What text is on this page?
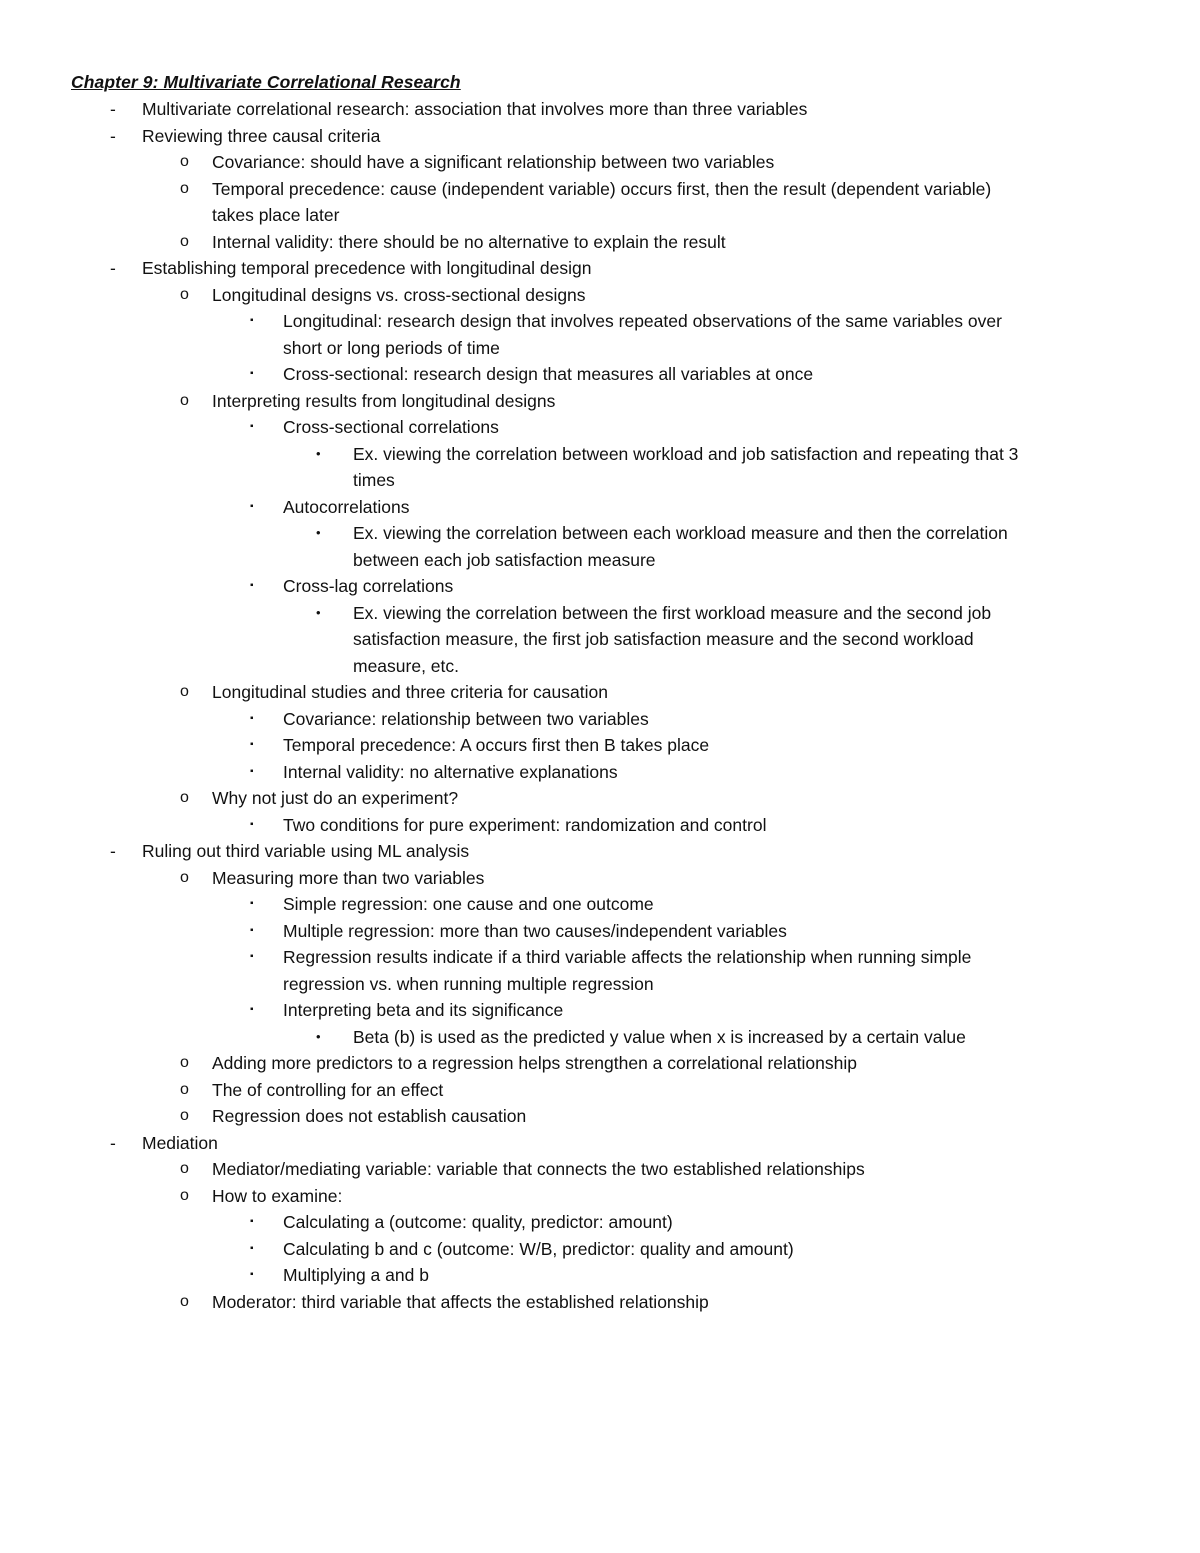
Chapter 9: Multivariate Correlational Research
-	Multivariate correlational research: association that involves more than three variables
-	Reviewing three causal criteria
o	Covariance: should have a significant relationship between two variables
o	Temporal precedence: cause (independent variable) occurs first, then the result (dependent variable)
takes place later
o	Internal validity: there should be no alternative to explain the result
-	Establishing temporal precedence with longitudinal design
o	Longitudinal designs vs. cross-sectional designs
▪	Longitudinal: research design that involves repeated observations of the same variables over
short or long periods of time
▪	Cross-sectional: research design that measures all variables at once
o	Interpreting results from longitudinal designs
▪	Cross-sectional correlations
•	Ex. viewing the correlation between workload and job satisfaction and repeating that 3
times
▪	Autocorrelations
•	Ex. viewing the correlation between each workload measure and then the correlation
between each job satisfaction measure
▪	Cross-lag correlations
•	Ex. viewing the correlation between the first workload measure and the second job
satisfaction measure, the first job satisfaction measure and the second workload
measure, etc.
o	Longitudinal studies and three criteria for causation
▪	Covariance: relationship between two variables
▪	Temporal precedence: A occurs first then B takes place
▪	Internal validity: no alternative explanations
o	Why not just do an experiment?
▪	Two conditions for pure experiment: randomization and control
-	Ruling out third variable using ML analysis
o	Measuring more than two variables
▪	Simple regression: one cause and one outcome
▪	Multiple regression: more than two causes/independent variables
▪	Regression results indicate if a third variable affects the relationship when running simple
regression vs. when running multiple regression
▪	Interpreting beta and its significance
•	Beta (b) is used as the predicted y value when x is increased by a certain value
o	Adding more predictors to a regression helps strengthen a correlational relationship
o	The of controlling for an effect
o	Regression does not establish causation
-	Mediation
o	Mediator/mediating variable: variable that connects the two established relationships
o	How to examine:
▪	Calculating a (outcome: quality, predictor: amount)
▪	Calculating b and c (outcome: W/B, predictor: quality and amount)
▪	Multiplying a and b
o	Moderator: third variable that affects the established relationship
